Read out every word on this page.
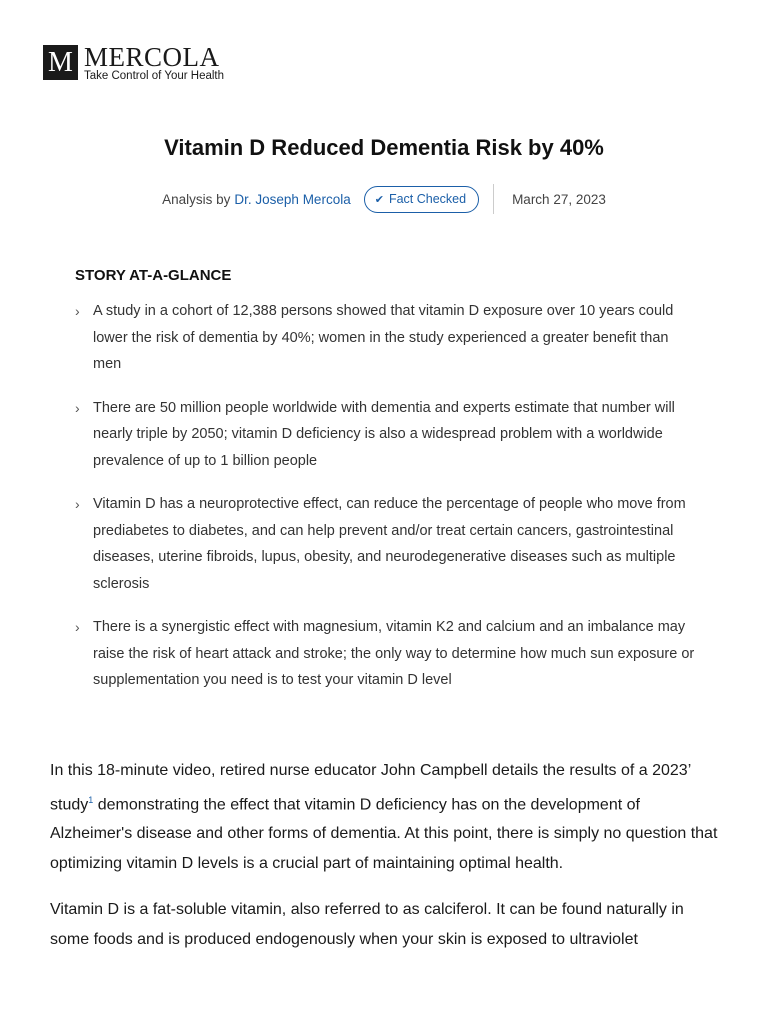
M MERCOLA
Take Control of Your Health
Vitamin D Reduced Dementia Risk by 40%
Analysis by Dr. Joseph Mercola ✔ Fact Checked	March 27, 2023
STORY AT-A-GLANCE
› A study in a cohort of 12,388 persons showed that vitamin D exposure over 10 years could lower the risk of dementia by 40%; women in the study experienced a greater benefit than men
› There are 50 million people worldwide with dementia and experts estimate that number will nearly triple by 2050; vitamin D deficiency is also a widespread problem with a worldwide prevalence of up to 1 billion people
› Vitamin D has a neuroprotective effect, can reduce the percentage of people who move from prediabetes to diabetes, and can help prevent and/or treat certain cancers, gastrointestinal diseases, uterine fibroids, lupus, obesity, and neurodegenerative diseases such as multiple sclerosis
› There is a synergistic effect with magnesium, vitamin K2 and calcium and an imbalance may raise the risk of heart attack and stroke; the only way to determine how much sun exposure or supplementation you need is to test your vitamin D level

In this 18-minute video, retired nurse educator John Campbell details the results of a 2023’ study$^1$ demonstrating the effect that vitamin D deficiency has on the development of Alzheimer's disease and other forms of dementia. At this point, there is simply no question that optimizing vitamin D levels is a crucial part of maintaining optimal health.

Vitamin D is a fat-soluble vitamin, also referred to as calciferol. It can be found naturally in some foods and is produced endogenously when your skin is exposed to ultraviolet
